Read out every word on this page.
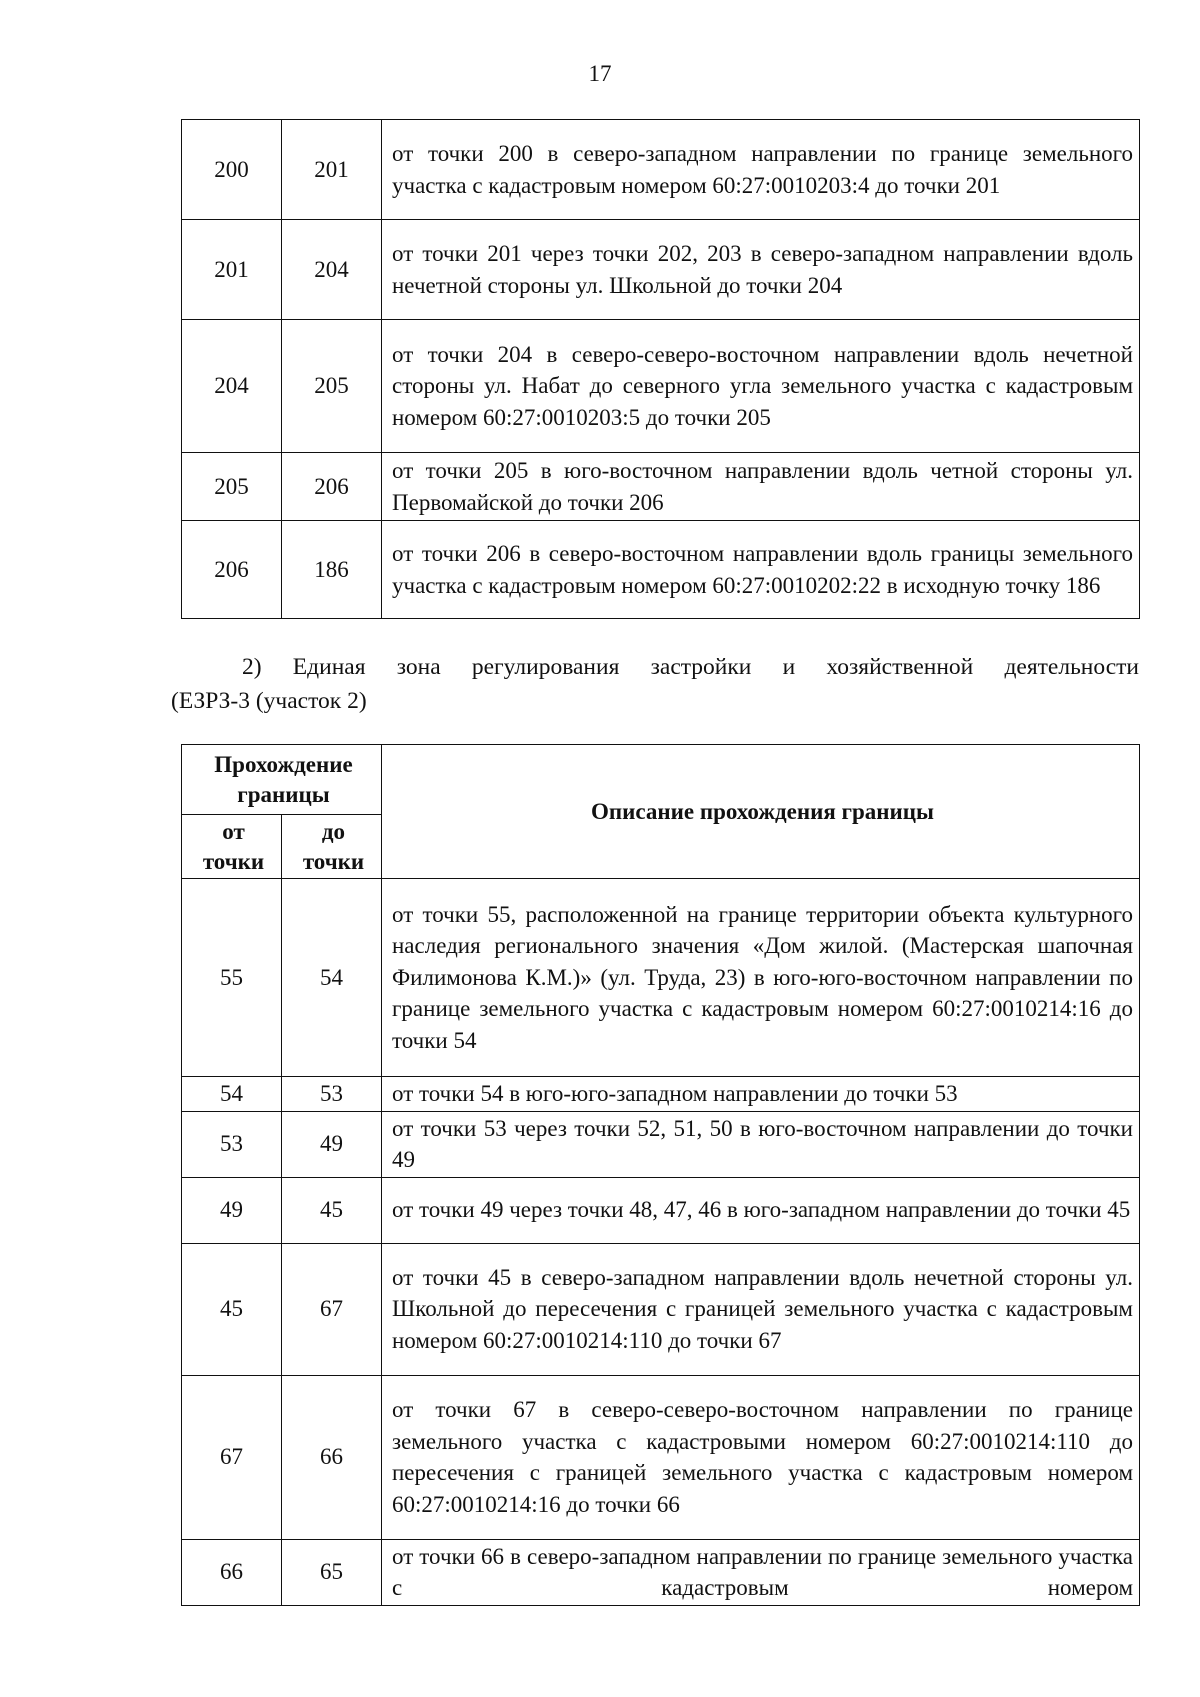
17
200	201	от точки 200 в северо-западном направлении по границе земельного участка с кадастровым номером 60:27:0010203:4 до точки 201
201	204	от точки 201 через точки 202, 203 в северо-западном направлении вдоль нечетной стороны ул. Школьной до точки 204
204	205	от точки 204 в северо-северо-восточном направлении вдоль нечетной стороны ул. Набат до северного угла земельного участка с кадастровым номером 60:27:0010203:5 до точки 205
205	206	от точки 205 в юго-восточном направлении вдоль четной стороны ул. Первомайской до точки 206
206	186	от точки 206 в северо-восточном направлении вдоль границы земельного участка с кадастровым номером 60:27:0010202:22 в исходную точку 186
2) Единая зона регулирования застройки и хозяйственной деятельности
(ЕЗРЗ-3 (участок 2)
Прохождение границы		Описание прохождения границы
от точки	до точки	
55	54	от точки 55, расположенной на границе территории объекта культурного наследия регионального значения «Дом жилой. (Мастерская шапочная Филимонова К.М.)» (ул. Труда, 23) в юго-юго-восточном направлении по границе земельного участка с кадастровым номером 60:27:0010214:16 до точки 54
54	53	от точки 54 в юго-юго-западном направлении до точки 53
53	49	от точки 53 через точки 52, 51, 50 в юго-восточном направлении до точки 49
49	45	от точки 49 через точки 48, 47, 46 в юго-западном направлении до точки 45
45	67	от точки 45 в северо-западном направлении вдоль нечетной стороны ул. Школьной до пересечения с границей земельного участка с кадастровым номером 60:27:0010214:110 до точки 67
67	66	от точки 67 в северо-северо-восточном направлении по границе земельного участка с кадастровыми номером 60:27:0010214:110 до пересечения с границей земельного участка с кадастровым номером 60:27:0010214:16 до точки 66
66	65	от точки 66 в северо-западном направлении по границе земельного участка с кадастровым номером
